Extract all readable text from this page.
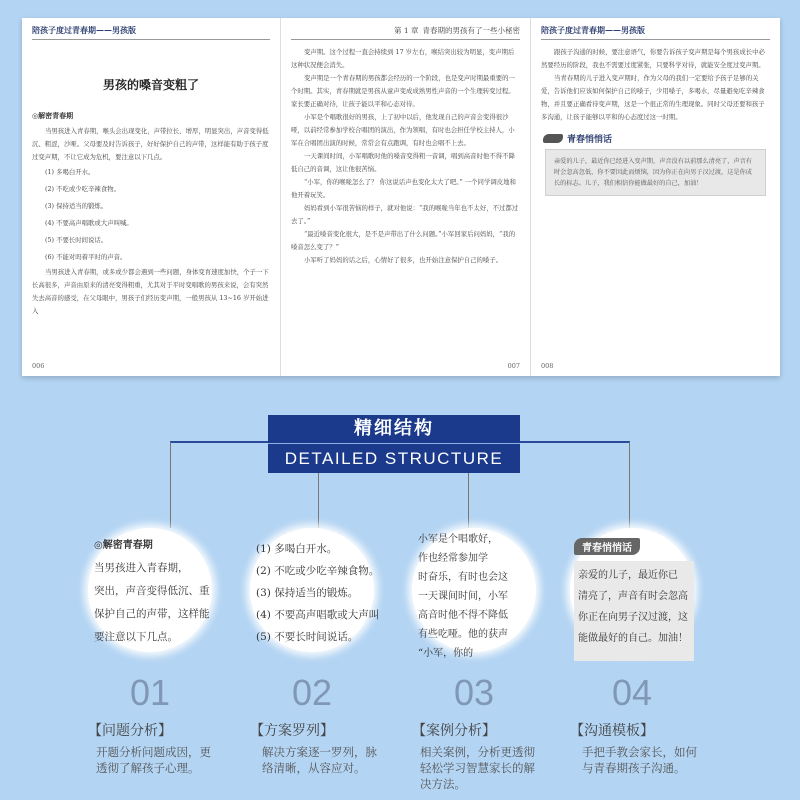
陪孩子度过青春期——男孩版
男孩的嗓音变粗了
◎解密青春期
当男孩进入青春期，喉头会出现变化，声带拉长、增厚，明显突出，声音变得低沉、粗涩，沙哑。父母要及时告诉孩子，好好保护自己的声带，这样能有助于孩子度过变声期，不让它成为危机，要注意以下几点。
(1) 多喝白开水。
(2) 不吃或少吃辛辣食物。
(3) 保持适当的锻炼。
(4) 不要高声唱歌或大声叫喊。
(5) 不要长时间说话。
(6) 不能对吗着平时的声音。
当男孩进入青春期，或多或少都会遇到一些问题，身体变育速度加快，个子一下长高很多，声音由原来的清亮变得粗重，尤其对于平时变唱歌的男孩来说，会有突然失去高音的感受，在父母眼中，男孩子们经历变声期，一般男孩从 13~16 岁开始进入
006
第 1 章 青春期的男孩有了一些小秘密
变声期。这个过程一直会持续到 17 岁左右，喉结突出较为明显，变声期后这种状况便会消失。
变声期是一个青春期的男孩都会经历的一个阶段，也是变声时期最重要的一个时期。其实，青春期就是男孩从童声变成成熟男性声音的一个生理转变过程。家长要正确对待，让孩子能以平和心态对待。
小军是个唱歌很好的男孩，上了初中以后，他发现自己的声音会变得很沙哑，以前经常参加学校合唱团的演出，作为领唱，有时也会担任学校主持人，小军在合唱团出演的时候，常常会有点跑调，有时也会唱不上去。
一天课间时间，小军唱歌时他的嗓音变得粗一音调，唱到高音时他不得不降低自己的音调，这让他很苦恼。
“小军，你的喉咙怎么了？ 你这说话声也变化太大了吧。” 一个同学调皮地和他开着玩笑。
妈妈看到小军很苦恼的样子，就对他说：“我的喉咙当年也不太好，不过都过去了。”
“最近嗓音变化很大，是不是声带出了什么问题。”小军回家后问妈妈，“我的嗓音怎么变了？”
小军听了妈妈的话之后，心情好了很多，也开始注意保护自己的嗓子。
007
陪孩子度过青春期——男孩版
跟孩子沟通的时候，要注意语气，你要告诉孩子变声期是每个男孩成长中必然要经历的阶段，我也不需要过度紧张，只要科学对待，就能安全度过变声期。
当青春期的儿子进入变声期时，作为父母的我们一定要给予孩子足够的关爱，告诉他们应该如何保护自己的嗓子，少用嗓子，多喝水，尽量避免吃辛辣食物，并且要正确看待变声期，这是一个很正常的生理现象。同时父母还要和孩子多沟通，让孩子能够以平和的心态度过这一时期。
青春悄悄话
亲爱的儿子，最近你已经进入变声期，声音没有以前那么清亮了，声音有时会忽高忽低，你不要因此而烦恼，因为你正在向男子汉过渡，这是你成长的标志。儿子，我们相信你能做最好的自己，加油！
008
精细结构
DETAILED STRUCTURE
◎解密青春期
当男孩进入青春期，
突出，声音变得低沉、重
保护自己的声带，这样能
要注意以下几点。
01
【问题分析】
开题分析问题成因，更透彻了解孩子心理。
(1) 多喝白开水。
(2) 不吃或少吃辛辣食物。
(3) 保持适当的锻炼。
(4) 不要高声唱歌或大声叫
(5) 不要长时间说话。
02
【方案罗列】
解决方案逐一罗列，脉络清晰，从容应对。
小军是个唱歌好，
作也经常参加学
时奋乐，有时也会这
一天课间时间，小军
高音时他不得不降低
有些吃哑。他的获声
“小军，你的
03
【案例分析】
相关案例，分析更透彻轻松学习智慧家长的解决方法。
青春悄悄话
亲爱的儿子，最近你已
清亮了，声音有时会忽高
你正在向男子汉过渡，这
能做最好的自己。加油！
04
【沟通模板】
手把手教会家长，如何与青春期孩子沟通。
